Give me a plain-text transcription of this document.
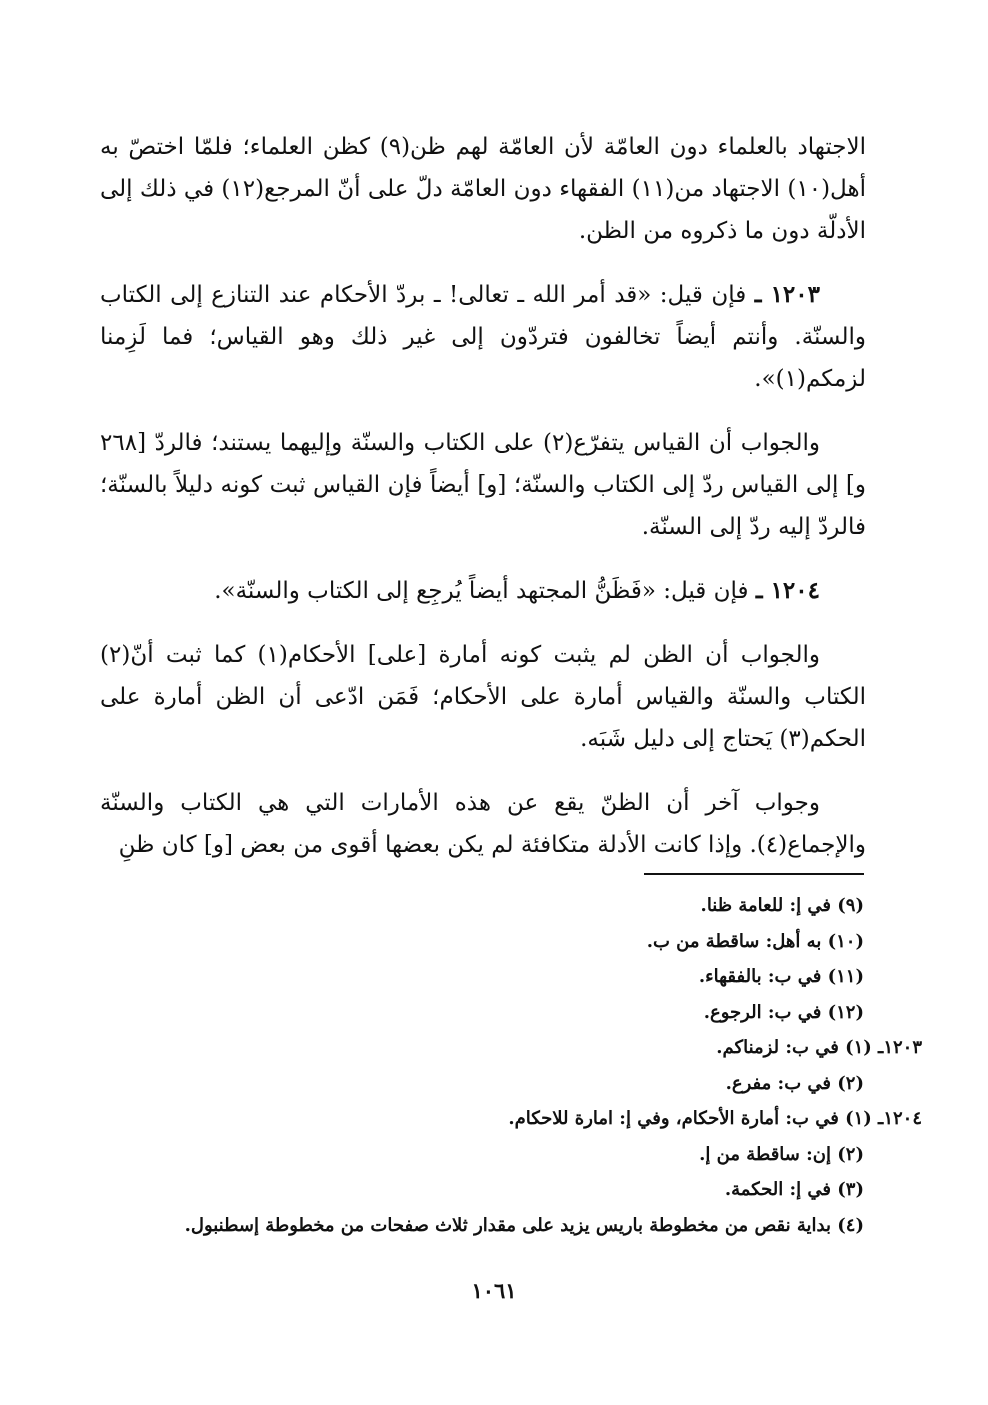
الاجتهاد بالعلماء دون العامّة لأن العامّة لهم ظن(٩) كظن العلماء؛ فلمّا اختصّ به أهل(١٠) الاجتهاد من(١١) الفقهاء دون العامّة دلّ على أنّ المرجع(١٢) في ذلك إلى الأدلّة دون ما ذكروه من الظن.

١٢٠٣ ـ فإن قيل: «قد أمر الله ـ تعالى! ـ بردّ الأحكام عند التنازع إلى الكتاب والسنّة. وأنتم أيضاً تخالفون فتردّون إلى غير ذلك وهو القياس؛ فما لَزِمنا لزمكم(١)».

والجواب أن القياس يتفرّع(٢) على الكتاب والسنّة وإليهما يستند؛ فالردّ [٢٦٨ و] إلى القياس ردّ إلى الكتاب والسنّة؛ [و] أيضاً فإن القياس ثبت كونه دليلاً بالسنّة؛ فالردّ إليه ردّ إلى السنّة.

١٢٠٤ ـ فإن قيل: «فَظَنُّ المجتهد أيضاً يُرجِع إلى الكتاب والسنّة».

والجواب أن الظن لم يثبت كونه أمارة [على] الأحكام(١) كما ثبت أنّ(٢) الكتاب والسنّة والقياس أمارة على الأحكام؛ فَمَن ادّعى أن الظن أمارة على الحكم(٣) يَحتاج إلى دليل شَبَه.

وجواب آخر أن الظنّ يقع عن هذه الأمارات التي هي الكتاب والسنّة والإجماع(٤). وإذا كانت الأدلة متكافئة لم يكن بعضها أقوى من بعض [و] كان ظنِ

(٩) في إ: للعامة ظنا.
(١٠) به أهل: ساقطة من ب.
(١١) في ب: بالفقهاء.
(١٢) في ب: الرجوع.
١٢٠٣ـ (١) في ب: لزمناكم.
(٢) في ب: مفرع.
١٢٠٤ـ (١) في ب: أمارة الأحكام، وفي إ: امارة للاحكام.
(٢) إن: ساقطة من إ.
(٣) في إ: الحكمة.
(٤) بداية نقص من مخطوطة باريس يزيد على مقدار ثلاث صفحات من مخطوطة إسطنبول.
١٠٦١
